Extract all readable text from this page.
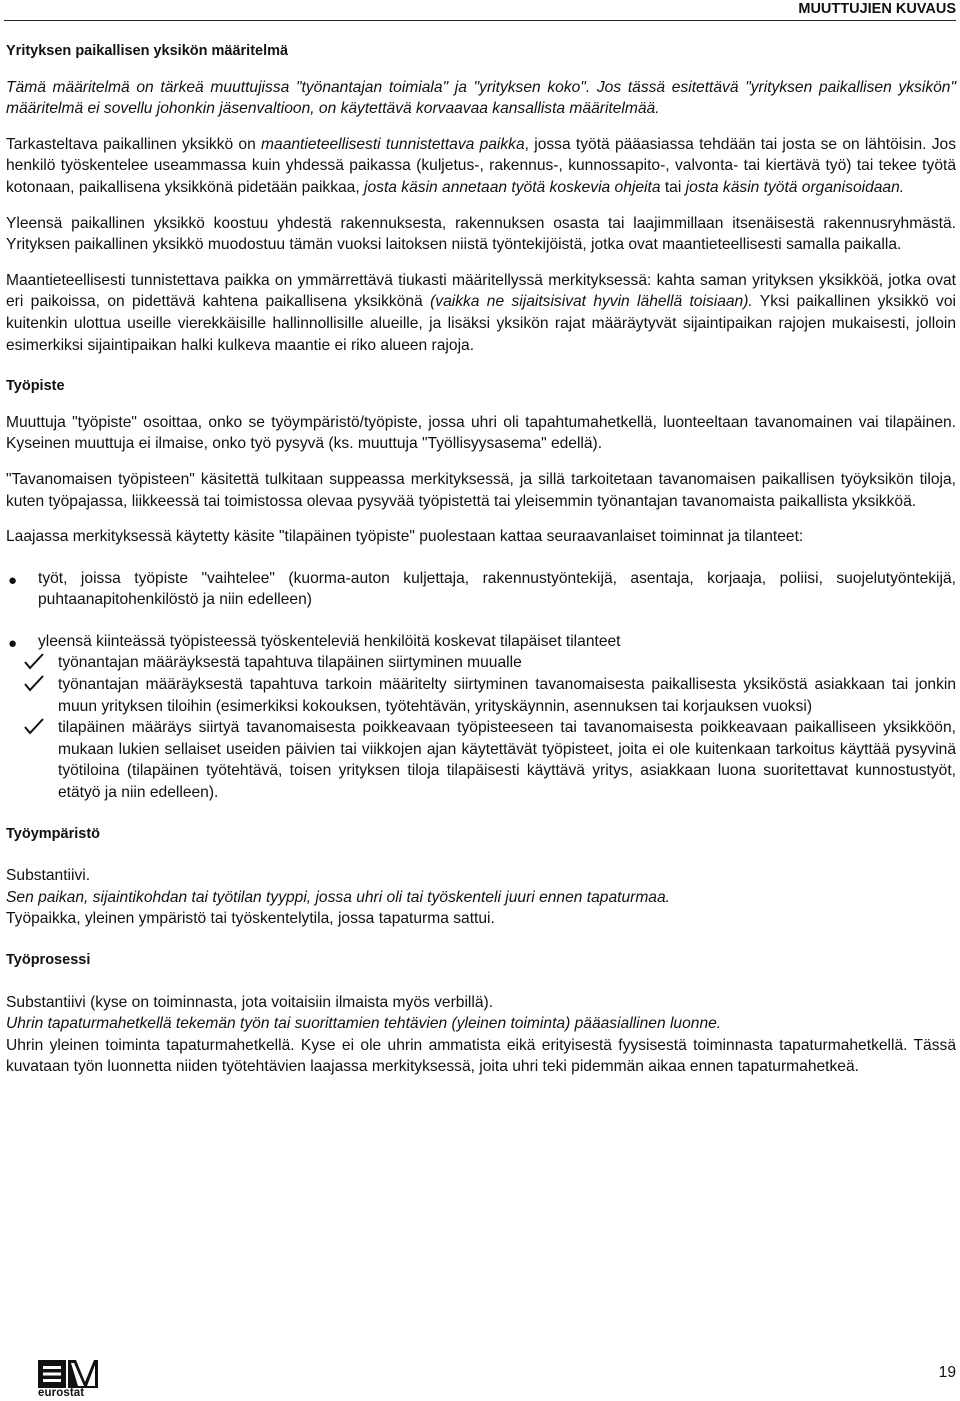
MUUTTUJIEN KUVAUS
Yrityksen paikallisen yksikön määritelmä

Tämä määritelmä on tärkeä muuttujissa "työnantajan toimiala" ja "yrityksen koko". Jos tässä esitettävä "yrityksen paikallisen yksikön" määritelmä ei sovellu johonkin jäsenvaltioon, on käytettävä korvaavaa kansallista määritelmää.

Tarkasteltava paikallinen yksikkö on maantieteellisesti tunnistettava paikka, jossa työtä pääasiassa tehdään tai josta se on lähtöisin. Jos henkilö työskentelee useammassa kuin yhdessä paikassa (kuljetus-, rakennus-, kunnossapito-, valvonta- tai kiertävä työ) tai tekee työtä kotonaan, paikallisena yksikkönä pidetään paikkaa, josta käsin annetaan työtä koskevia ohjeita tai josta käsin työtä organisoidaan.

Yleensä paikallinen yksikkö koostuu yhdestä rakennuksesta, rakennuksen osasta tai laajimmillaan itsenäisestä rakennusryhmästä. Yrityksen paikallinen yksikkö muodostuu tämän vuoksi laitoksen niistä työntekijöistä, jotka ovat maantieteellisesti samalla paikalla.

Maantieteellisesti tunnistettava paikka on ymmärrettävä tiukasti määritellyssä merkityksessä: kahta saman yrityksen yksikköä, jotka ovat eri paikoissa, on pidettävä kahtena paikallisena yksikkönä (vaikka ne sijaitsisivat hyvin lähellä toisiaan). Yksi paikallinen yksikkö voi kuitenkin ulottua useille vierekkäisille hallinnollisille alueille, ja lisäksi yksikön rajat määräytyvät sijaintipaikan rajojen mukaisesti, jolloin esimerkiksi sijaintipaikan halki kulkeva maantie ei riko alueen rajoja.

Työpiste

Muuttuja "työpiste" osoittaa, onko se työympäristö/työpiste, jossa uhri oli tapahtumahetkellä, luonteeltaan tavanomainen vai tilapäinen. Kyseinen muuttuja ei ilmaise, onko työ pysyvä (ks. muuttuja "Työllisyysasema" edellä).

"Tavanomaisen työpisteen" käsitettä tulkitaan suppeassa merkityksessä, ja sillä tarkoitetaan tavanomaisen paikallisen työyksikön tiloja, kuten työpajassa, liikkeessä tai toimistossa olevaa pysyvää työpistettä tai yleisemmin työnantajan tavanomaista paikallista yksikköä.

Laajassa merkityksessä käytetty käsite "tilapäinen työpiste" puolestaan kattaa seuraavanlaiset toiminnat ja tilanteet:

● työt, joissa työpiste "vaihtelee" (kuorma-auton kuljettaja, rakennustyöntekijä, asentaja, korjaaja, poliisi, suojelutyöntekijä, puhtaanapitohenkilöstö ja niin edelleen)
● yleensä kiinteässä työpisteessä työskenteleviä henkilöitä koskevat tilapäiset tilanteet
työnantajan määräyksestä tapahtuva tilapäinen siirtyminen muualle
työnantajan määräyksestä tapahtuva tarkoin määritelty siirtyminen tavanomaisesta paikallisesta yksiköstä asiakkaan tai jonkin muun yrityksen tiloihin (esimerkiksi kokouksen, työtehtävän, yrityskäynnin, asennuksen tai korjauksen vuoksi)
tilapäinen määräys siirtyä tavanomaisesta poikkeavaan työpisteeseen tai tavanomaisesta poikkeavaan paikalliseen yksikköön, mukaan lukien sellaiset useiden päivien tai viikkojen ajan käytettävät työpisteet, joita ei ole kuitenkaan tarkoitus käyttää pysyvinä työtiloina (tilapäinen työtehtävä, toisen yrityksen tiloja tilapäisesti käyttävä yritys, asiakkaan luona suoritettavat kunnostustyöt, etätyö ja niin edelleen).
Työympäristö

Substantiivi.

Sen paikan, sijaintikohdan tai työtilan tyyppi, jossa uhri oli tai työskenteli juuri ennen tapaturmaa.

Työpaikka, yleinen ympäristö tai työskentelytila, jossa tapaturma sattui.

Työprosessi

Substantiivi (kyse on toiminnasta, jota voitaisiin ilmaista myös verbillä).

Uhrin tapaturmahetkellä tekemän työn tai suorittamien tehtävien (yleinen toiminta) pääasiallinen luonne.

Uhrin yleinen toiminta tapaturmahetkellä. Kyse ei ole uhrin ammatista eikä erityisestä fyysisestä toiminnasta tapaturmahetkellä. Tässä kuvataan työn luonnetta niiden työtehtävien laajassa merkityksessä, joita uhri teki pidemmän aikaa ennen tapaturmahetkeä.

eurostat
19
